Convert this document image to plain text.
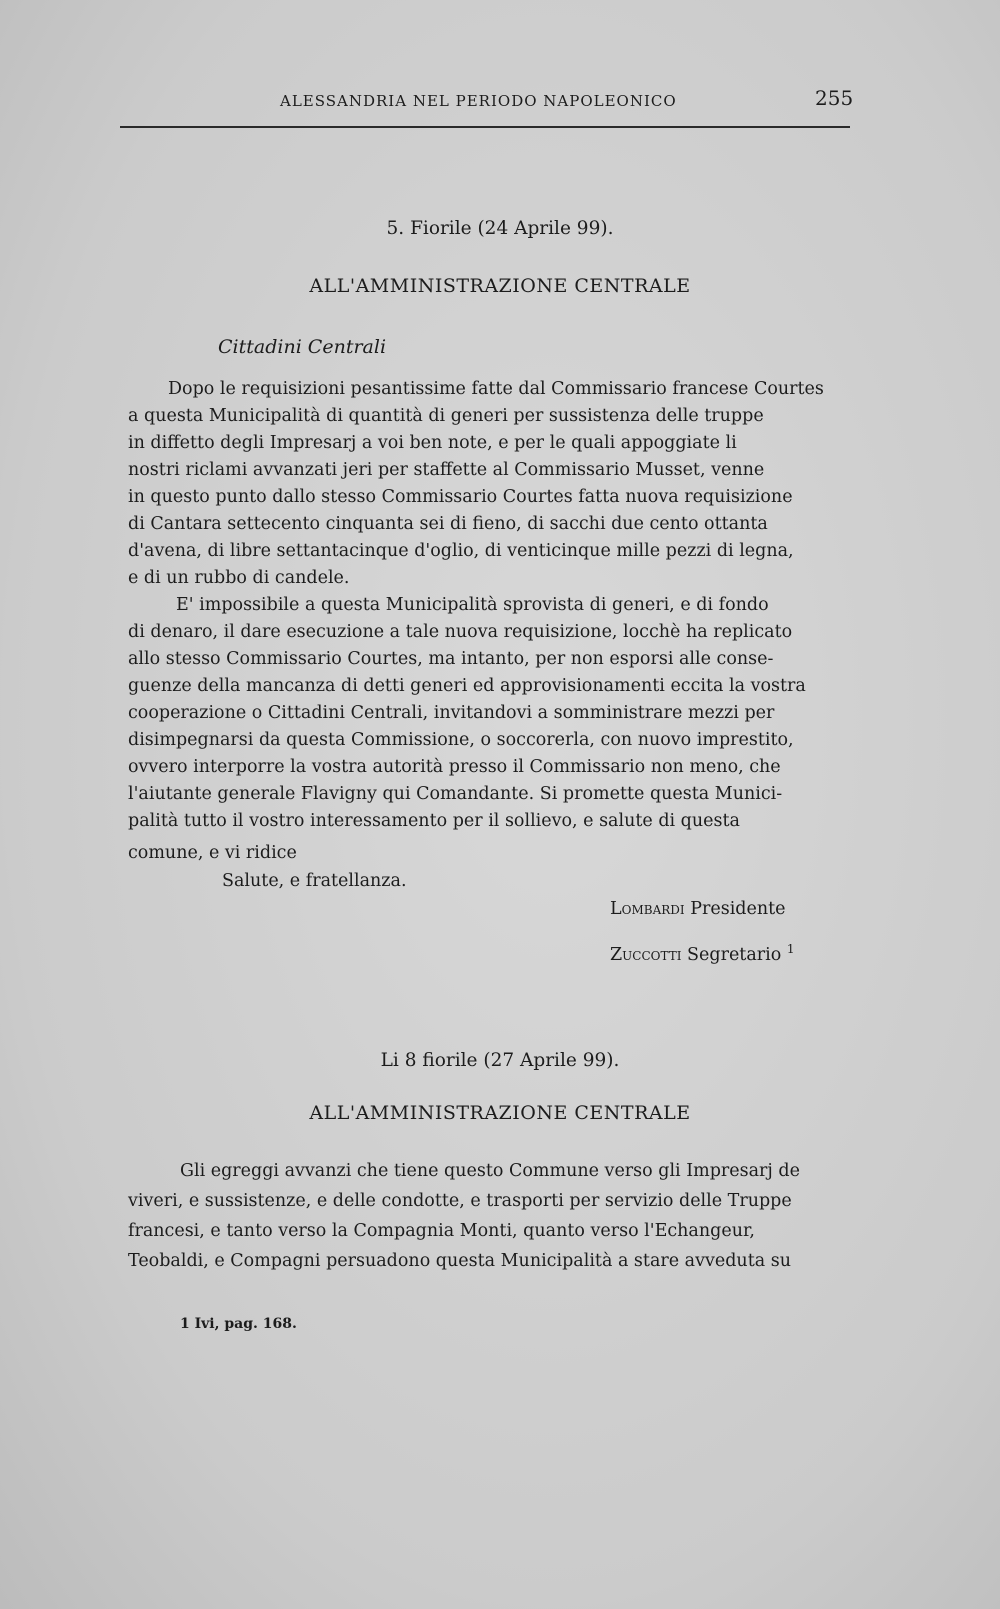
ALESSANDRIA NEL PERIODO NAPOLEONICO	255
5. Fiorile (24 Aprile 99).
ALL'AMMINISTRAZIONE CENTRALE
Cittadini Centrali
Dopo le requisizioni pesantissime fatte dal Commissario francese Courtes
a questa Municipalità di quantità di generi per sussistenza delle truppe
in diffetto degli Impresarj a voi ben note, e per le quali appoggiate li
nostri riclami avvanzati jeri per staffette al Commissario Musset, venne
in questo punto dallo stesso Commissario Courtes fatta nuova requisizione
di Cantara settecento cinquanta sei di fieno, di sacchi due cento ottanta
d'avena, di libre settantacinque d'oglio, di venticinque mille pezzi di legna,
e di un rubbo di candele.
E' impossibile a questa Municipalità sprovista di generi, e di fondo
di denaro, il dare esecuzione a tale nuova requisizione, locchè ha replicato
allo stesso Commissario Courtes, ma intanto, per non esporsi alle conse-
guenze della mancanza di detti generi ed approvisionamenti eccita la vostra
cooperazione o Cittadini Centrali, invitandovi a somministrare mezzi per
disimpegnarsi da questa Commissione, o soccorerla, con nuovo imprestito,
ovvero interporre la vostra autorità presso il Commissario non meno, che
l'aiutante generale Flavigny qui Comandante. Si promette questa Munici-
palità tutto il vostro interessamento per il sollievo, e salute di questa
comune, e vi ridice
Salute, e fratellanza.
Lombardi Presidente
Zuccotti Segretario $^1$
Li 8 fiorile (27 Aprile 99).
ALL'AMMINISTRAZIONE CENTRALE
Gli egreggi avvanzi che tiene questo Commune verso gli Impresarj de
viveri, e sussistenze, e delle condotte, e trasporti per servizio delle Truppe
francesi, e tanto verso la Compagnia Monti, quanto verso l'Echangeur,
Teobaldi, e Compagni persuadono questa Municipalità a stare avveduta su
1 Ivi, pag. 168.
